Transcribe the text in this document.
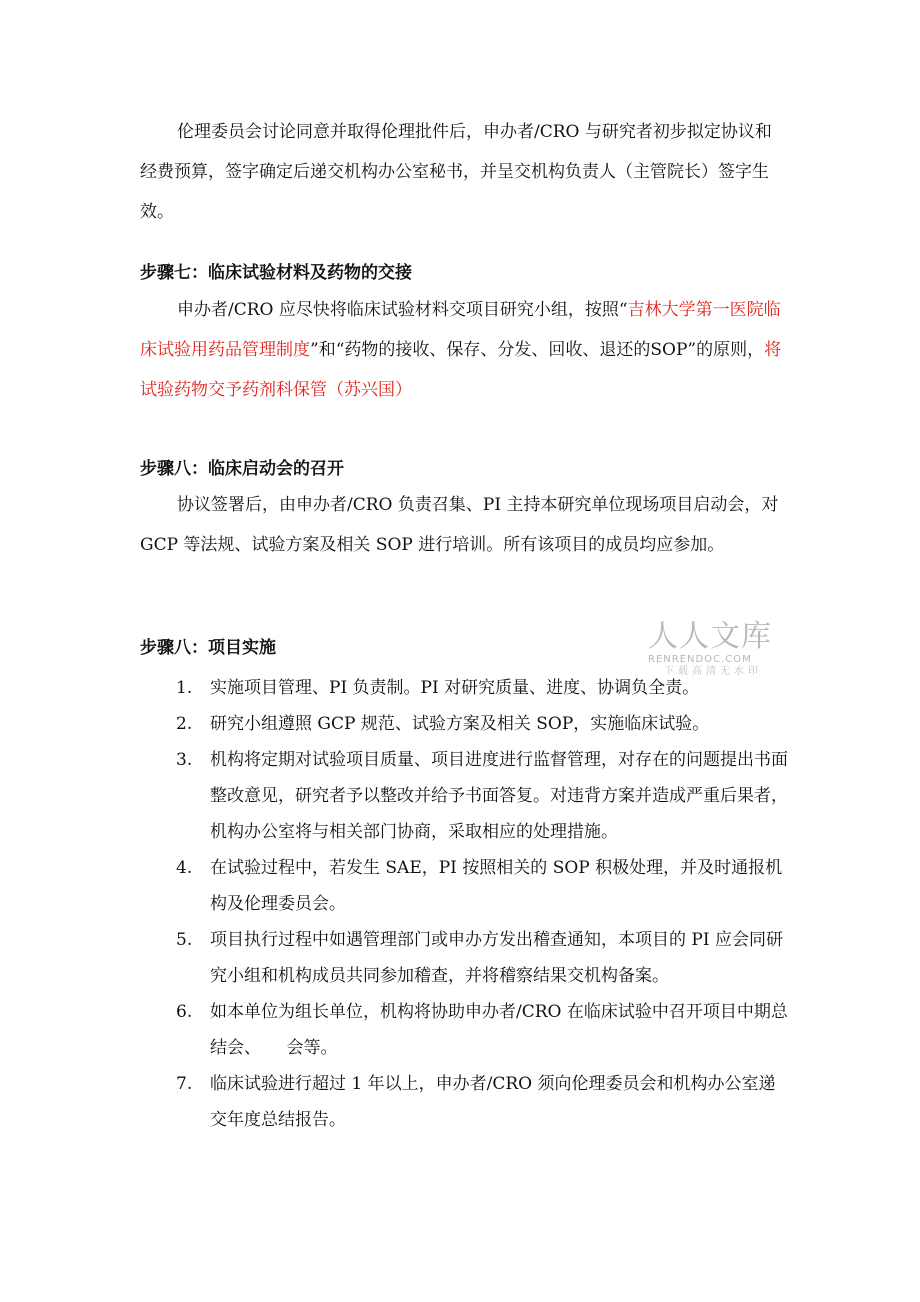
伦理委员会讨论同意并取得伦理批件后，申办者/CRO 与研究者初步拟定协议和经费预算，签字确定后递交机构办公室秘书，并呈交机构负责人（主管院长）签字生效。

步骤七：临床试验材料及药物的交接

申办者/CRO 应尽快将临床试验材料交项目研究小组，按照“吉林大学第一医院临床试验用药品管理制度”和“药物的接收、保存、分发、回收、退还的SOP”的原则，将试验药物交予药剂科保管（苏兴国）

步骤八：临床启动会的召开

协议签署后，由申办者/CRO 负责召集、PI 主持本研究单位现场项目启动会，对 GCP 等法规、试验方案及相关 SOP 进行培训。所有该项目的成员均应参加。

步骤八：项目实施

1.	实施项目管理、PI 负责制。PI 对研究质量、进度、协调负全责。
2.	研究小组遵照 GCP 规范、试验方案及相关 SOP，实施临床试验。
3.	机构将定期对试验项目质量、项目进度进行监督管理，对存在的问题提出书面整改意见，研究者予以整改并给予书面答复。对违背方案并造成严重后果者，机构办公室将与相关部门协商，采取相应的处理措施。
4.	在试验过程中，若发生 SAE，PI 按照相关的 SOP 积极处理，并及时通报机构及伦理委员会。
5.	项目执行过程中如遇管理部门或申办方发出稽查通知，本项目的 PI 应会同研究小组和机构成员共同参加稽查，并将稽察结果交机构备案。
6.	如本单位为组长单位，机构将协助申办者/CRO 在临床试验中召开项目中期总结会、　　会等。
7.	临床试验进行超过 1 年以上，申办者/CRO 须向伦理委员会和机构办公室递交年度总结报告。
人人文库
RENRENDOC.COM
下载高清无水印
